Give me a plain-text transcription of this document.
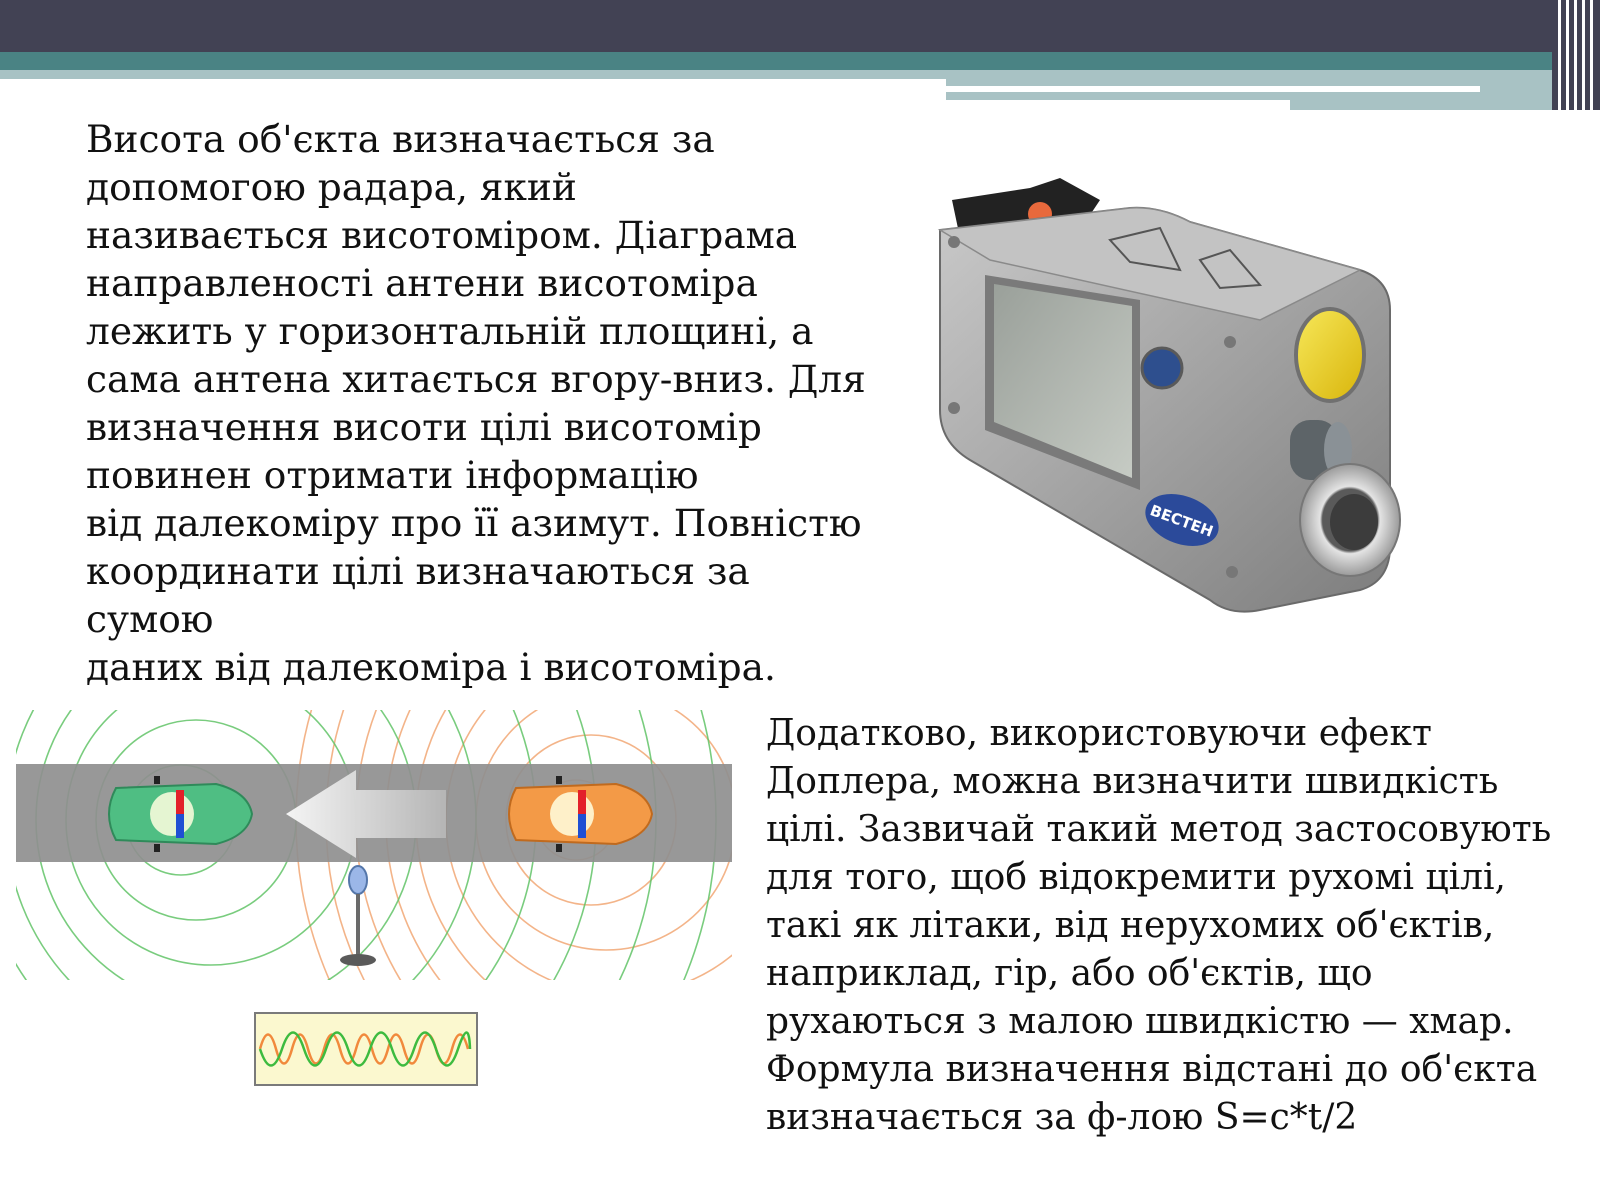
Висота об'єкта визначається за
допомогою радара, який
називається висотоміром. Діаграма
направленості антени висотоміра
лежить у горизонтальній площині, а
сама антена хитається вгору-вниз. Для
визначення висоти цілі висотомір
повинен отримати інформацію
від далекоміру про її азимут. Повністю
координати цілі визначаються за сумою
даних від далекоміра і висотоміра.
Додатково, використовуючи ефект
Доплера, можна визначити швидкість
цілі. Зазвичай такий метод застосовують
для того, щоб відокремити рухомі цілі,
такі як літаки, від нерухомих об'єктів,
наприклад, гір, або об'єктів, що
рухаються з малою швидкістю — хмар.
Формула визначення відстані до об'єкта
визначається за ф-лою S=c*t/2
ВЕСТЕН
